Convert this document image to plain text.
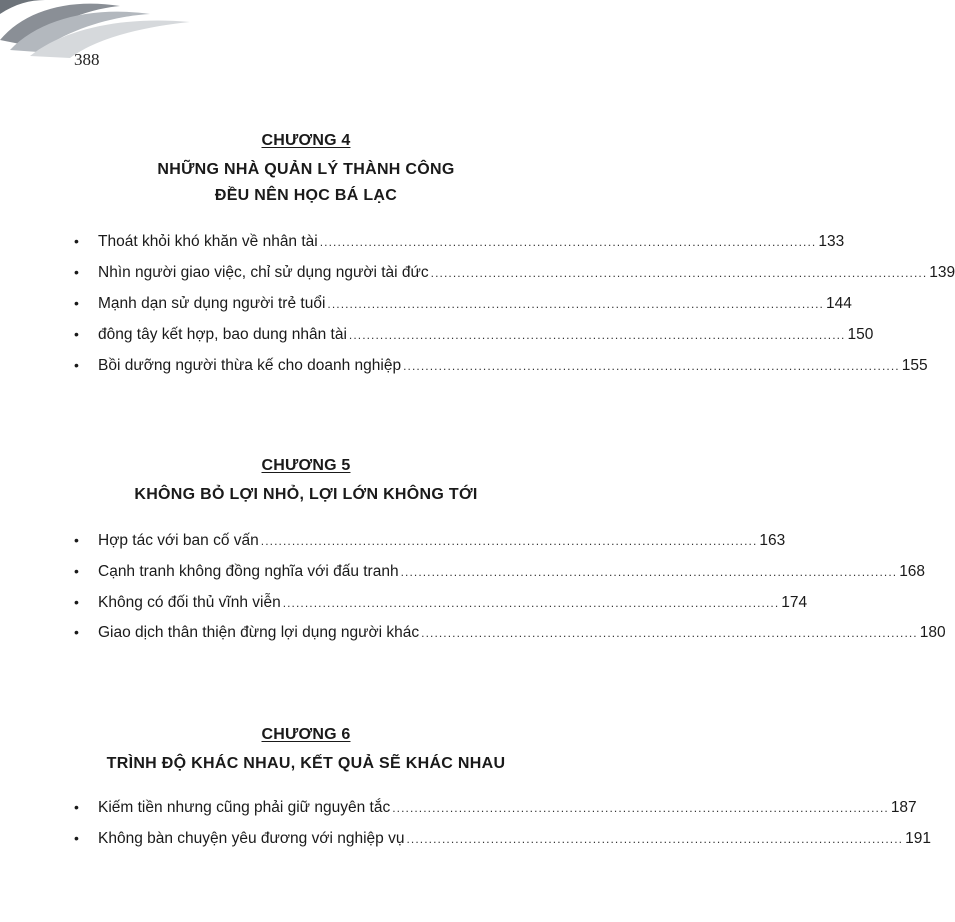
388
CHƯƠNG 4
NHỮNG NHÀ QUẢN LÝ THÀNH CÔNG
ĐỀU NÊN HỌC BÁ LẠC
•	Thoát khỏi khó khăn về nhân tài ................................................................................................................ 133
•	Nhìn người giao việc, chỉ sử dụng người tài đức ................................................................................................................ 139
•	Mạnh dạn sử dụng người trẻ tuổi ................................................................................................................ 144
•	đông tây kết hợp, bao dung nhân tài ................................................................................................................ 150
•	Bồi dưỡng người thừa kế cho doanh nghiệp ................................................................................................................ 155
CHƯƠNG 5
KHÔNG BỎ LỢI NHỎ, LỢI LỚN KHÔNG TỚI
•	Hợp tác với ban cố vấn ................................................................................................................ 163
•	Cạnh tranh không đồng nghĩa với đấu tranh ................................................................................................................ 168
•	Không có đối thủ vĩnh viễn ................................................................................................................ 174
•	Giao dịch thân thiện đừng lợi dụng người khác ................................................................................................................ 180
CHƯƠNG 6
TRÌNH ĐỘ KHÁC NHAU, KẾT QUẢ SẼ KHÁC NHAU
•	Kiếm tiền nhưng cũng phải giữ nguyên tắc ................................................................................................................ 187
•	Không bàn chuyện yêu đương với nghiệp vụ ................................................................................................................ 191
